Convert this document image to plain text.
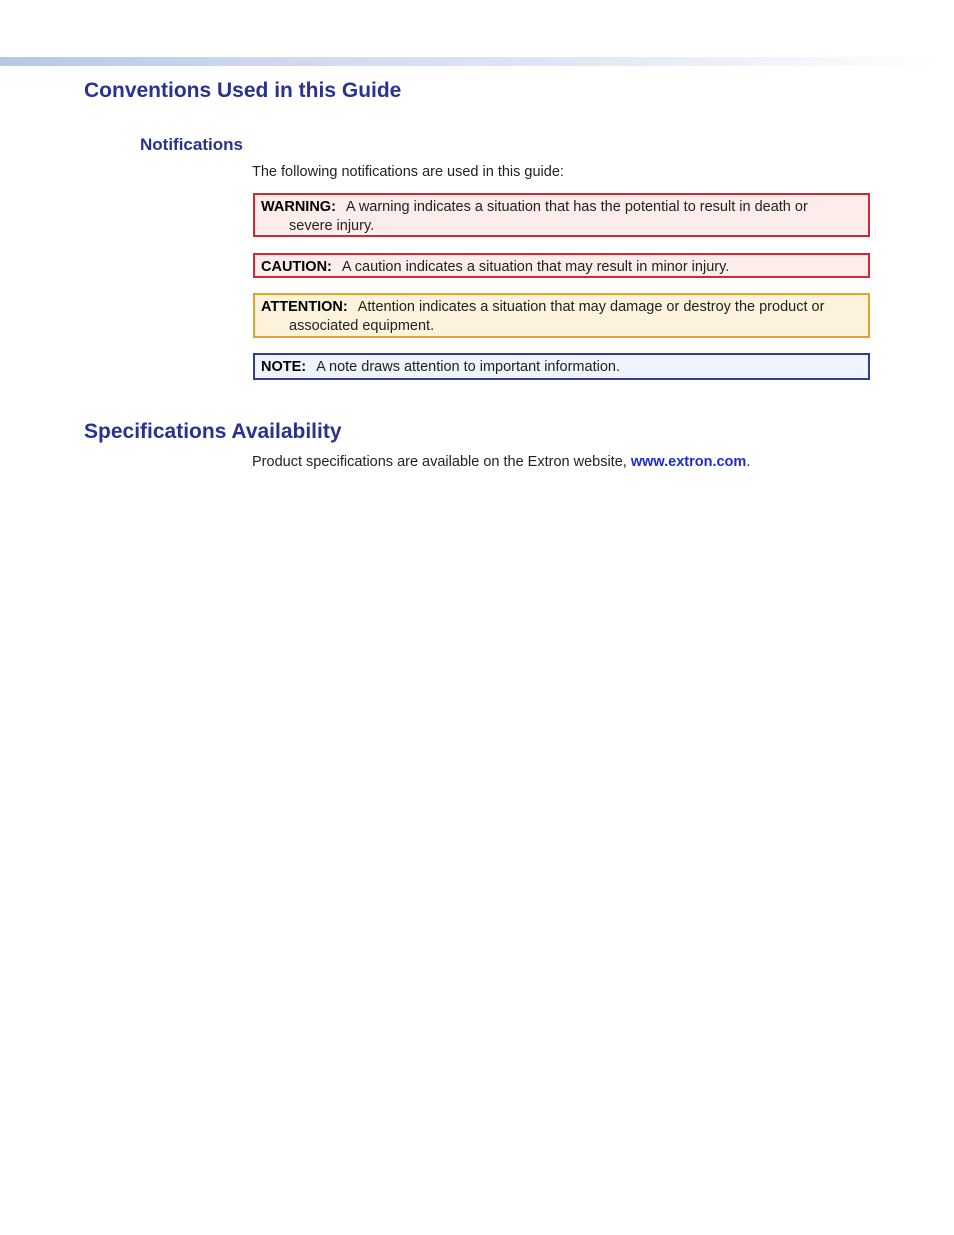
Conventions Used in this Guide
Notifications

The following notifications are used in this guide:

WARNING: A warning indicates a situation that has the potential to result in death or
severe injury.
CAUTION: A caution indicates a situation that may result in minor injury.
ATTENTION: Attention indicates a situation that may damage or destroy the product or
associated equipment.
NOTE: A note draws attention to important information.
Specifications Availability

Product specifications are available on the Extron website, www.extron.com.
